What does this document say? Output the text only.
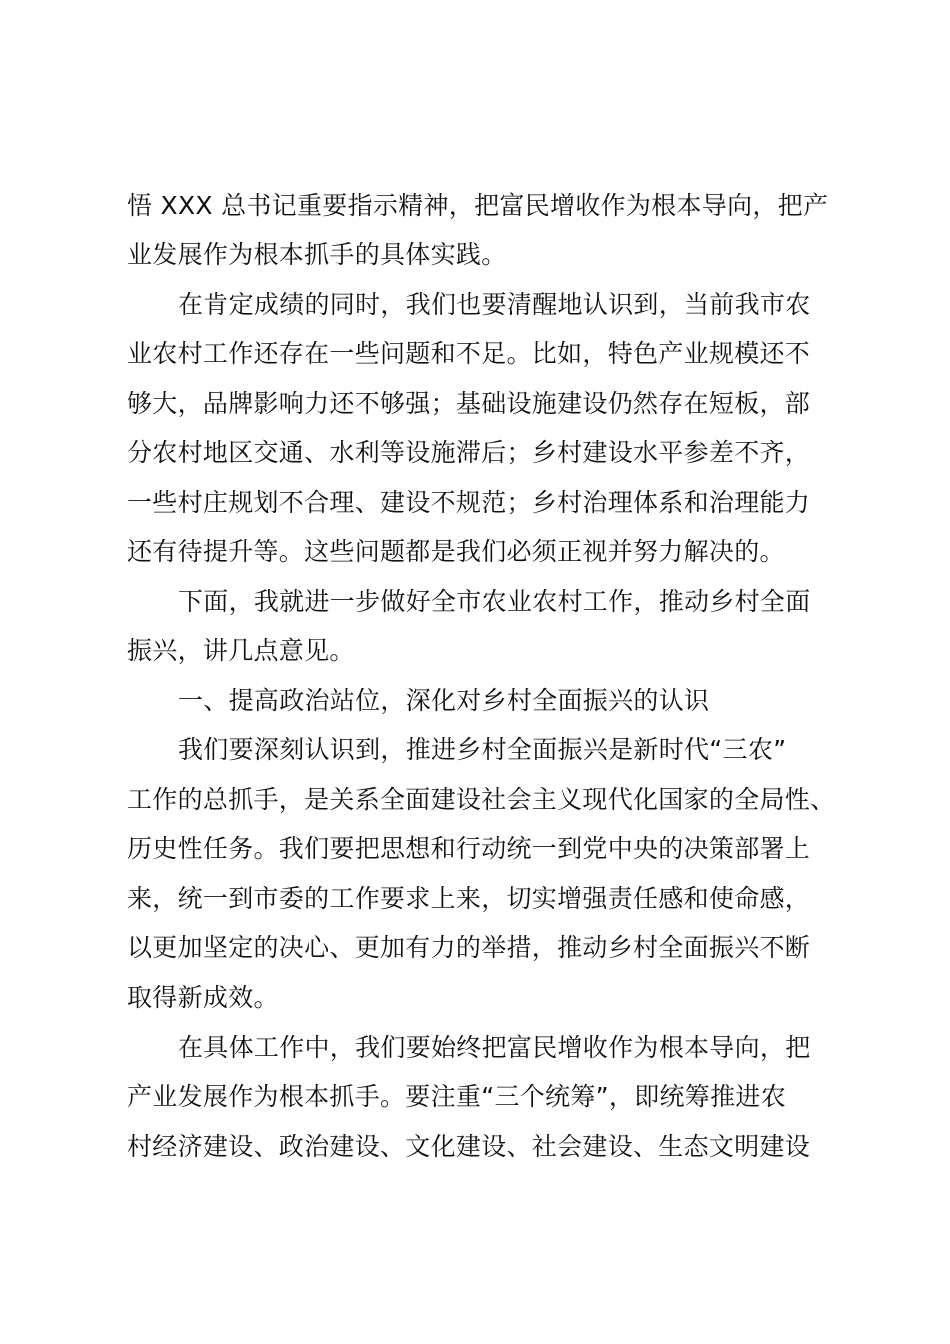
悟 XXX 总书记重要指示精神，把富民增收作为根本导向，把产
业发展作为根本抓手的具体实践。
在肯定成绩的同时，我们也要清醒地认识到，当前我市农
业农村工作还存在一些问题和不足。比如，特色产业规模还不
够大，品牌影响力还不够强；基础设施建设仍然存在短板，部
分农村地区交通、水利等设施滞后；乡村建设水平参差不齐，
一些村庄规划不合理、建设不规范；乡村治理体系和治理能力
还有待提升等。这些问题都是我们必须正视并努力解决的。
下面，我就进一步做好全市农业农村工作，推动乡村全面
振兴，讲几点意见。
一、提高政治站位，深化对乡村全面振兴的认识
我们要深刻认识到，推进乡村全面振兴是新时代“三农”
工作的总抓手，是关系全面建设社会主义现代化国家的全局性、
历史性任务。我们要把思想和行动统一到党中央的决策部署上
来，统一到市委的工作要求上来，切实增强责任感和使命感，
以更加坚定的决心、更加有力的举措，推动乡村全面振兴不断
取得新成效。
在具体工作中，我们要始终把富民增收作为根本导向，把
产业发展作为根本抓手。要注重“三个统筹”，即统筹推进农
村经济建设、政治建设、文化建设、社会建设、生态文明建设
